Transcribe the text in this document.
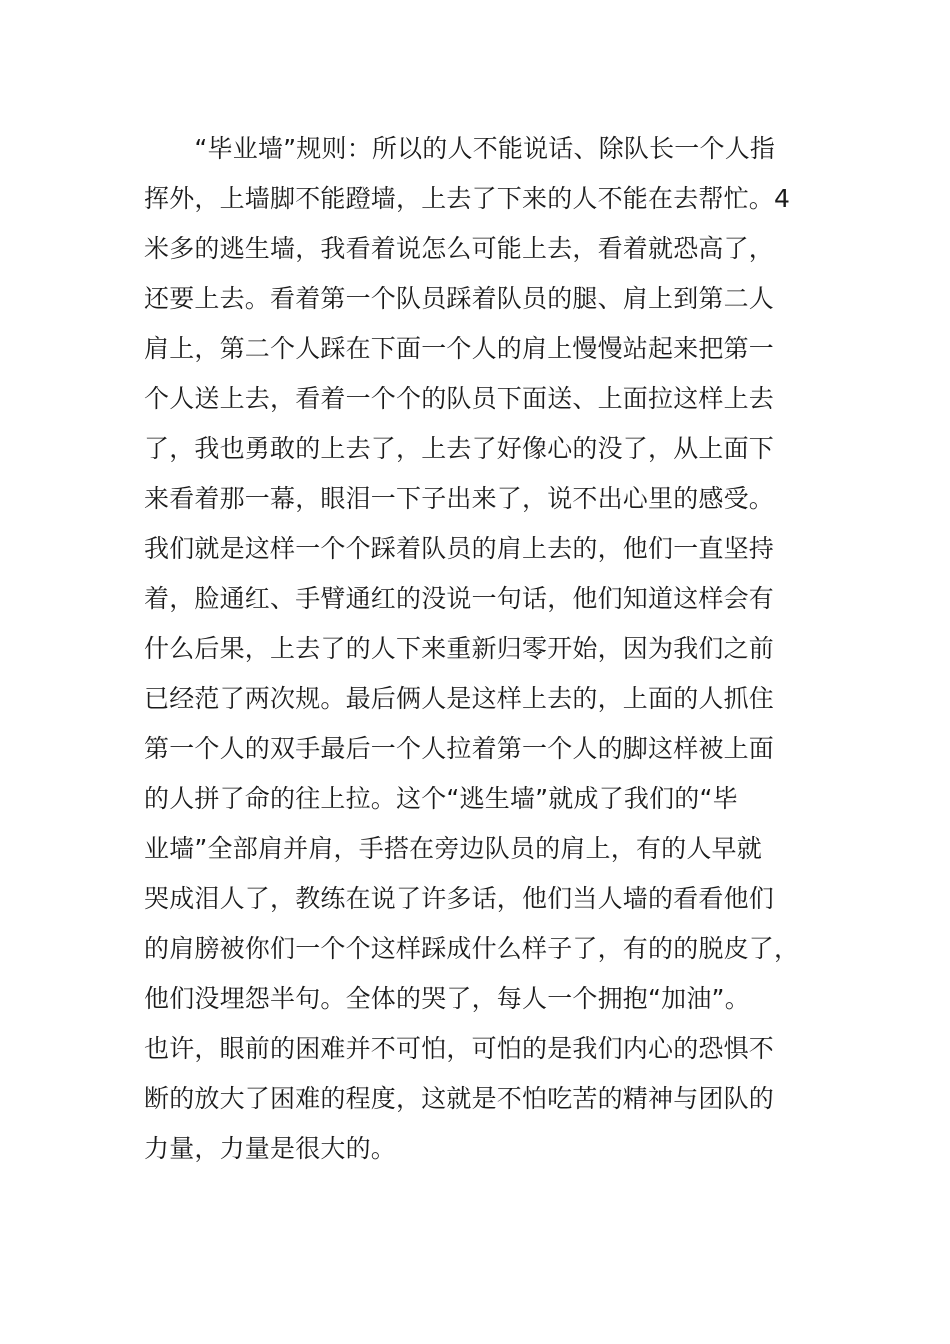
　　“毕业墙”规则：所以的人不能说话、除队长一个人指
挥外，上墙脚不能蹬墙，上去了下来的人不能在去帮忙。4
米多的逃生墙，我看着说怎么可能上去，看着就恐高了，
还要上去。看着第一个队员踩着队员的腿、肩上到第二人
肩上，第二个人踩在下面一个人的肩上慢慢站起来把第一
个人送上去，看着一个个的队员下面送、上面拉这样上去
了，我也勇敢的上去了，上去了好像心的没了，从上面下
来看着那一幕，眼泪一下子出来了，说不出心里的感受。
我们就是这样一个个踩着队员的肩上去的，他们一直坚持
着，脸通红、手臂通红的没说一句话，他们知道这样会有
什么后果，上去了的人下来重新归零开始，因为我们之前
已经范了两次规。最后俩人是这样上去的，上面的人抓住
第一个人的双手最后一个人拉着第一个人的脚这样被上面
的人拼了命的往上拉。这个“逃生墙”就成了我们的“毕
业墙”全部肩并肩，手搭在旁边队员的肩上，有的人早就
哭成泪人了，教练在说了许多话，他们当人墙的看看他们
的肩膀被你们一个个这样踩成什么样子了，有的的脱皮了，
他们没埋怨半句。全体的哭了，每人一个拥抱“加油”。
也许，眼前的困难并不可怕，可怕的是我们内心的恐惧不
断的放大了困难的程度，这就是不怕吃苦的精神与团队的
力量，力量是很大的。
